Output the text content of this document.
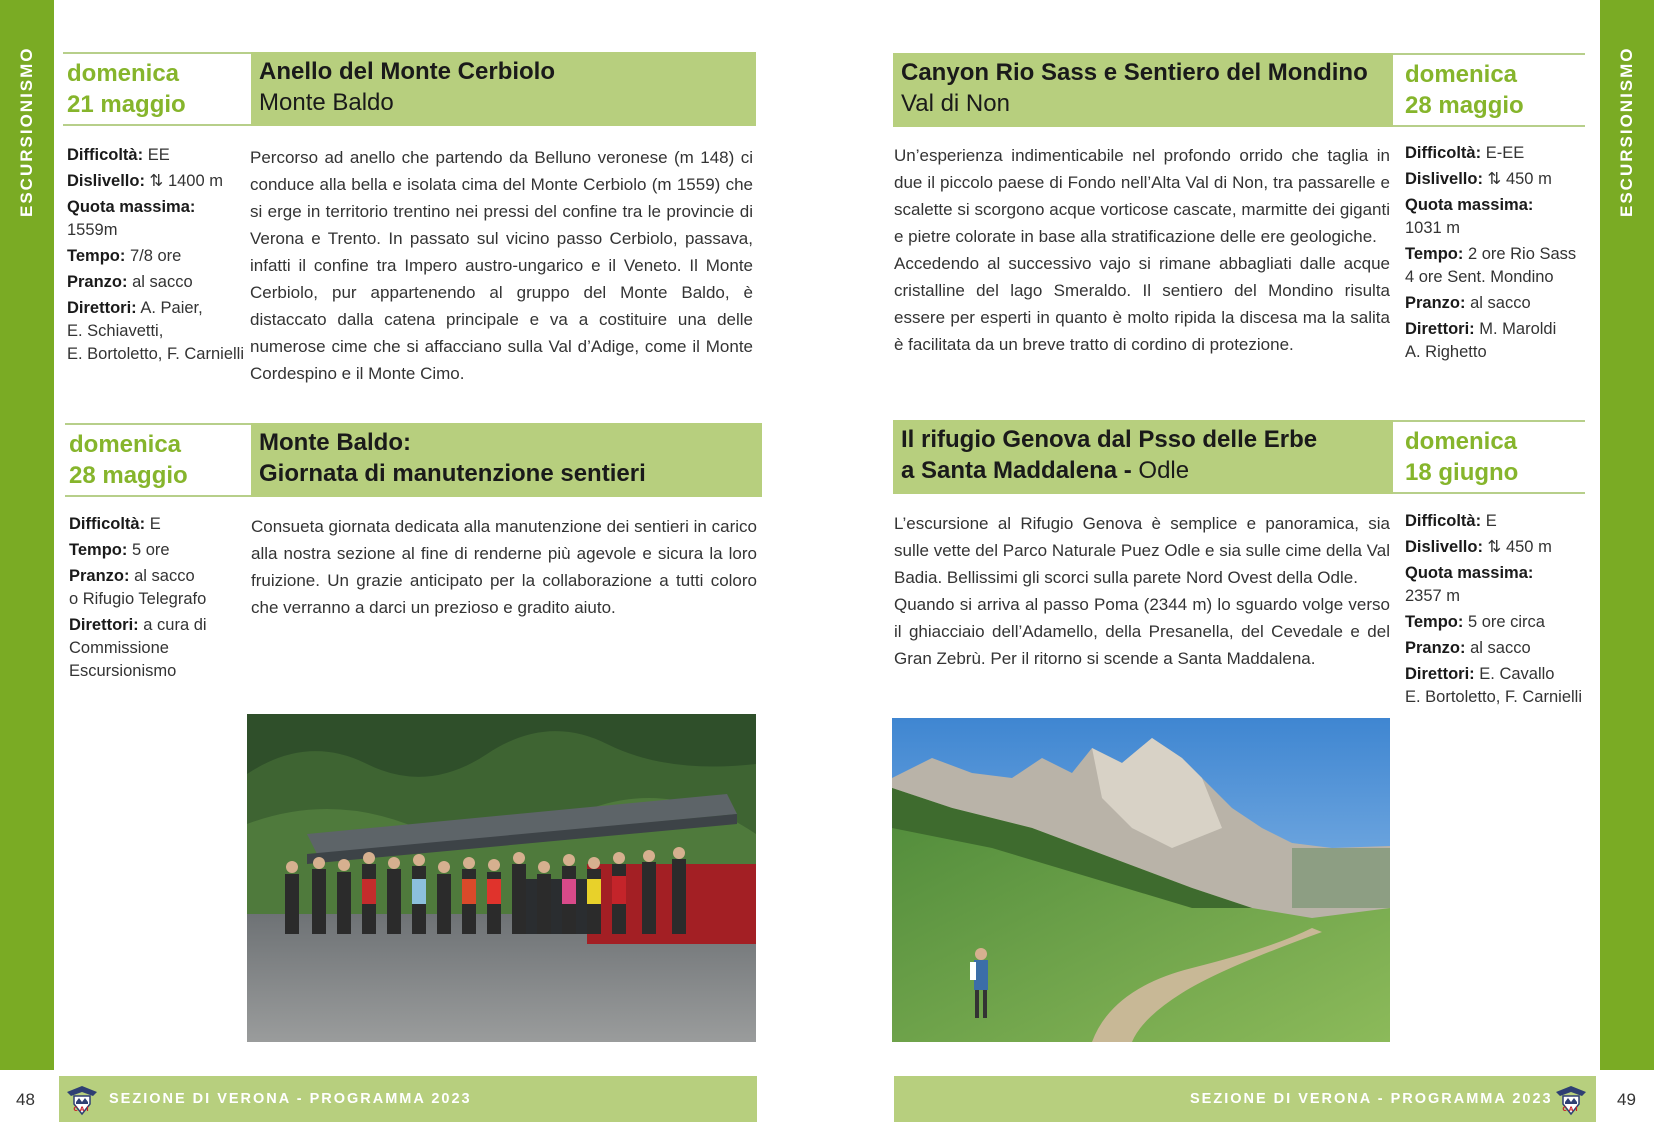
ESCURSIONISMO
48
ESCURSIONISMO
49
domenica
21 maggio
Anello del Monte Cerbiolo
Monte Baldo
Difficoltà: EE
Dislivello: ⇅ 1400 m
Quota massima: 1559m
Tempo: 7/8 ore
Pranzo: al sacco
Direttori: A. Paier,
E. Schiavetti,
E. Bortoletto, F. Carnielli

Percorso ad anello che partendo da Belluno veronese (m 148) ci conduce alla bella e isolata cima del Monte Cerbiolo (m 1559) che si erge in territorio trentino nei pressi del confine tra le provincie di Verona e Trento. In passato sul vicino passo Cerbiolo, passava, infatti il confine tra Impero austro-ungarico e il Veneto. Il Monte Cerbiolo, pur appartenendo al gruppo del Monte Baldo, è distaccato dalla catena principale e va a costituire una delle numerose cime che si affacciano sulla Val d’Adige, come il Monte Cordespino e il Monte Cimo.

domenica
28 maggio
Monte Baldo:
Giornata di manutenzione sentieri
Difficoltà: E
Tempo: 5 ore
Pranzo: al sacco
o Rifugio Telegrafo
Direttori: a cura di
Commissione
Escursionismo

Consueta giornata dedicata alla manutenzione dei sentieri in carico alla nostra sezione al fine di renderne più agevole e sicura la loro fruizione. Un grazie anticipato per la collaborazione a tutti coloro che verranno a darci un prezioso e gradito aiuto.

Canyon Rio Sass e Sentiero del Mondino
Val di Non
domenica
28 maggio

Un’esperienza indimenticabile nel profondo orrido che taglia in due il piccolo paese di Fondo nell’Alta Val di Non, tra passarelle e scalette si scorgono acque vorticose cascate, marmitte dei giganti e pietre colorate in base alla stratificazione delle ere geologiche.

Accedendo al successivo vajo si rimane abbagliati dalle acque cristalline del lago Smeraldo. Il sentiero del Mondino risulta essere per esperti in quanto è molto ripida la discesa ma la salita è facilitata da un breve tratto di cordino di protezione.

Difficoltà: E-EE
Dislivello: ⇅ 450 m
Quota massima:
1031 m
Tempo: 2 ore Rio Sass
4 ore Sent. Mondino
Pranzo: al sacco
Direttori: M. Maroldi
A. Righetto
Il rifugio Genova dal Psso delle Erbe
a Santa Maddalena - Odle
domenica
18 giugno

L’escursione al Rifugio Genova è semplice e panoramica, sia sulle vette del Parco Naturale Puez Odle e sia sulle cime della Val Badia. Bellissimi gli scorci sulla parete Nord Ovest della Odle.

Quando si arriva al passo Poma (2344 m) lo sguardo volge verso il ghiacciaio dell’Adamello, della Presanella, del Cevedale e del Gran Zebrù. Per il ritorno si scende a Santa Maddalena.

Difficoltà: E
Dislivello: ⇅ 450 m
Quota massima:
2357 m
Tempo: 5 ore circa
Pranzo: al sacco
Direttori: E. Cavallo
E. Bortoletto, F. Carnielli
CAI
SEZIONE DI VERONA - PROGRAMMA 2023	SEZIONE DI VERONA - PROGRAMMA 2023
CAI
